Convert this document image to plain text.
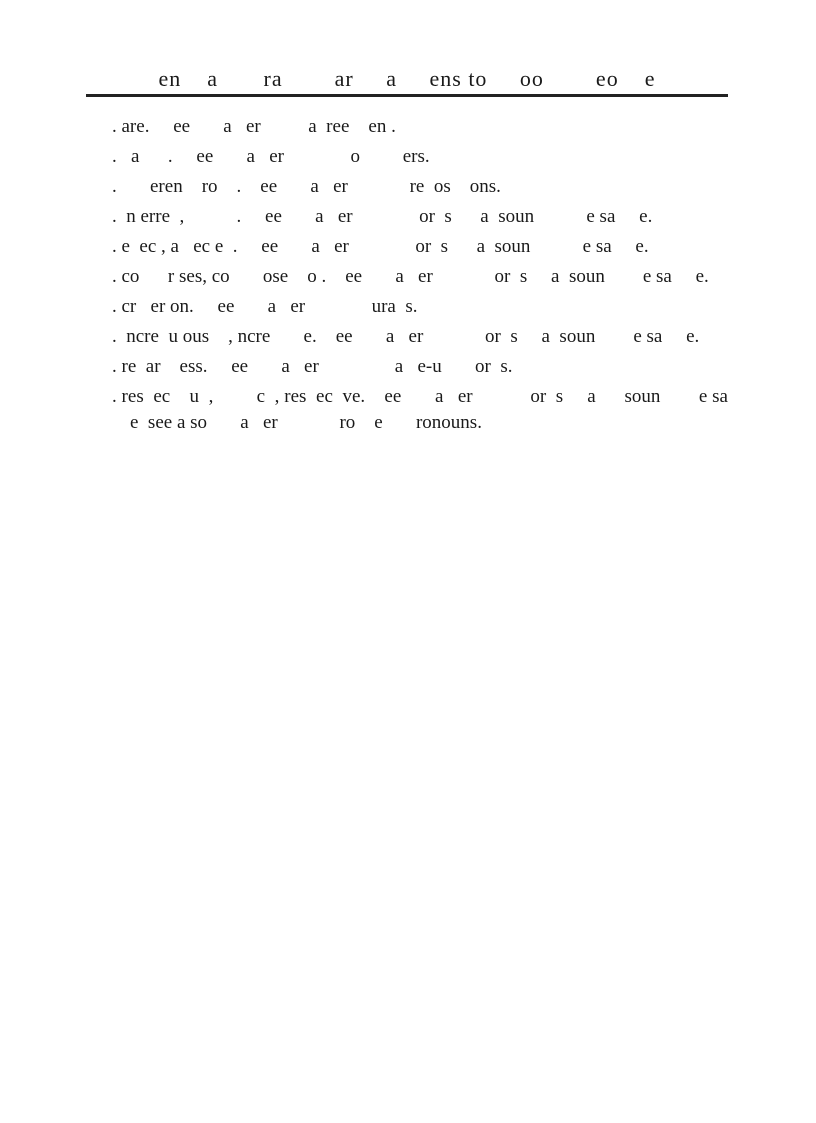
en    a       ra        ar     a     ens to     oo        eo    e
. are.     ee       a   er          a  ree    en .
.   a      .     ee       a   er              o         ers.
.       eren    ro    .    ee       a   er             re  os    ons.
.  n erre  ,           .     ee       a   er              or  s      a  soun           e sa     e.
. e  ec , a   ec e  .     ee       a   er              or  s      a  soun           e sa     e.
. co      r ses, co       ose    o .    ee       a   er             or  s     a  soun        e sa     e.
. cr   er on.     ee       a   er              ura  s.
.  ncre  u ous    , ncre       e.    ee       a   er             or  s     a  soun        e sa     e.
. re  ar    ess.     ee       a   er                a   e-u       or  s.
. res  ec    u  ,         c  , res  ec  ve.    ee       a   er            or  s     a      soun        e sa    e  see a so       a   er             ro    e       ronouns.
